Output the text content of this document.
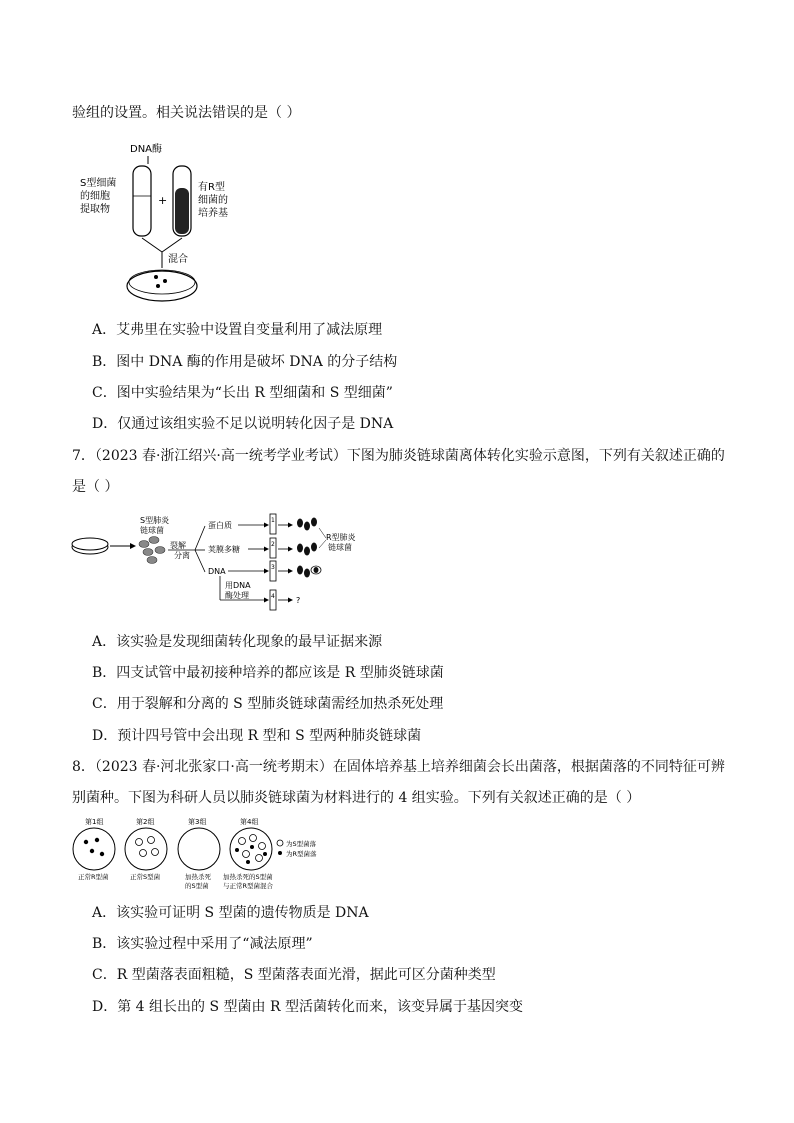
验组的设置。相关说法错误的是（ ）
DNA酶
+
S型细菌
的细胞
提取物
有R型
细菌的
培养基
混合
A．艾弗里在实验中设置自变量利用了减法原理
B．图中 DNA 酶的作用是破坏 DNA 的分子结构
C．图中实验结果为“长出 R 型细菌和 S 型细菌”
D．仅通过该组实验不足以说明转化因子是 DNA
7．（2023 春·浙江绍兴·高一统考学业考试）下图为肺炎链球菌离体转化实验示意图，下列有关叙述正确的
是（ ）
S型肺炎
链球菌
裂解
分离
蛋白质
荚膜多糖
DNA
用DNA
酶处理
1
2
3
4	?
R型肺炎
链球菌
A．该实验是发现细菌转化现象的最早证据来源
B．四支试管中最初接种培养的都应该是 R 型肺炎链球菌
C．用于裂解和分离的 S 型肺炎链球菌需经加热杀死处理
D．预计四号管中会出现 R 型和 S 型两种肺炎链球菌
8．（2023 春·河北张家口·高一统考期末）在固体培养基上培养细菌会长出菌落，根据菌落的不同特征可辨
别菌种。下图为科研人员以肺炎链球菌为材料进行的 4 组实验。下列有关叙述正确的是（ ）
第1组	第2组	第3组	第4组
为S型菌落
为R型菌落
正常R型菌	正常S型菌	加热杀死
的S型菌
加热杀死的S型菌
与正常R型菌混合
A．该实验可证明 S 型菌的遗传物质是 DNA
B．该实验过程中采用了“减法原理”
C．R 型菌落表面粗糙，S 型菌落表面光滑，据此可区分菌种类型
D．第 4 组长出的 S 型菌由 R 型活菌转化而来，该变异属于基因突变
